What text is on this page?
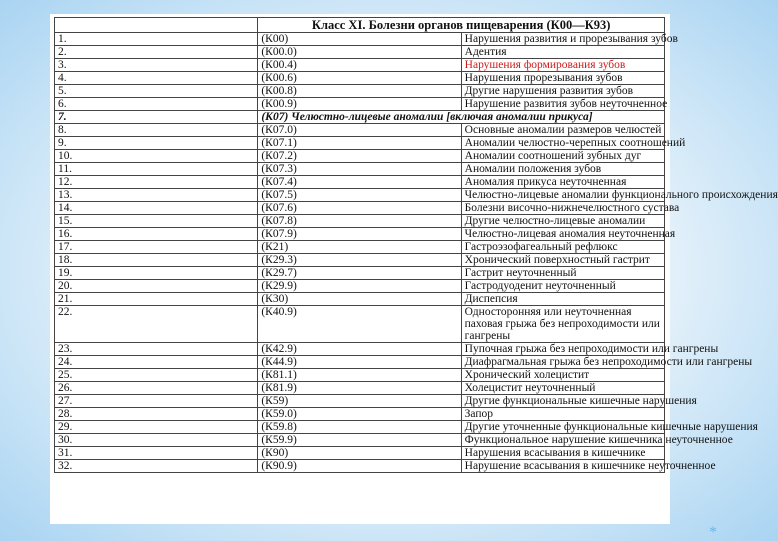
	Класс XI. Болезни органов пищеварения (К00—К93)	
1.	(К00)	Нарушения развития и прорезывания зубов
2.	(К00.0)	Адентия
3.	(К00.4)	Нарушения формирования зубов
4.	(К00.6)	Нарушения прорезывания зубов
5.	(К00.8)	Другие нарушения развития зубов
6.	(К00.9)	Нарушение развития зубов неуточненное
7.	(К07) Челюстно-лицевые аномалии [включая аномалии прикуса]	
8.	(К07.0)	Основные аномалии размеров челюстей
9.	(К07.1)	Аномалии челюстно-черепных соотношений
10.	(К07.2)	Аномалии соотношений зубных дуг
11.	(К07.3)	Аномалии положения зубов
12.	(К07.4)	Аномалия прикуса неуточненная
13.	(К07.5)	Челюстно-лицевые аномалии функционального происхождения
14.	(К07.6)	Болезни височно-нижнечелюстного сустава
15.	(К07.8)	Другие челюстно-лицевые аномалии
16.	(К07.9)	Челюстно-лицевая аномалия неуточненная
17.	(К21)	Гастроэзофагеальный рефлюкс
18.	(К29.3)	Хронический поверхностный гастрит
19.	(К29.7)	Гастрит неуточненный
20.	(К29.9)	Гастродуоденит неуточненный
21.	(К30)	Диспепсия
22.	(К40.9)	Односторонняя или неуточненная паховая грыжа без непроходимости или гангрены
23.	(К42.9)	Пупочная грыжа без непроходимости или гангрены
24.	(К44.9)	Диафрагмальная грыжа без непроходимости или гангрены
25.	(К81.1)	Хронический холецистит
26.	(К81.9)	Холецистит неуточненный
27.	(К59)	Другие функциональные кишечные нарушения
28.	(К59.0)	Запор
29.	(К59.8)	Другие уточненные функциональные кишечные нарушения
30.	(К59.9)	Функциональное нарушение кишечника неуточненное
31.	(К90)	Нарушения всасывания в кишечнике
32.	(К90.9)	Нарушение всасывания в кишечнике неуточненное
*
